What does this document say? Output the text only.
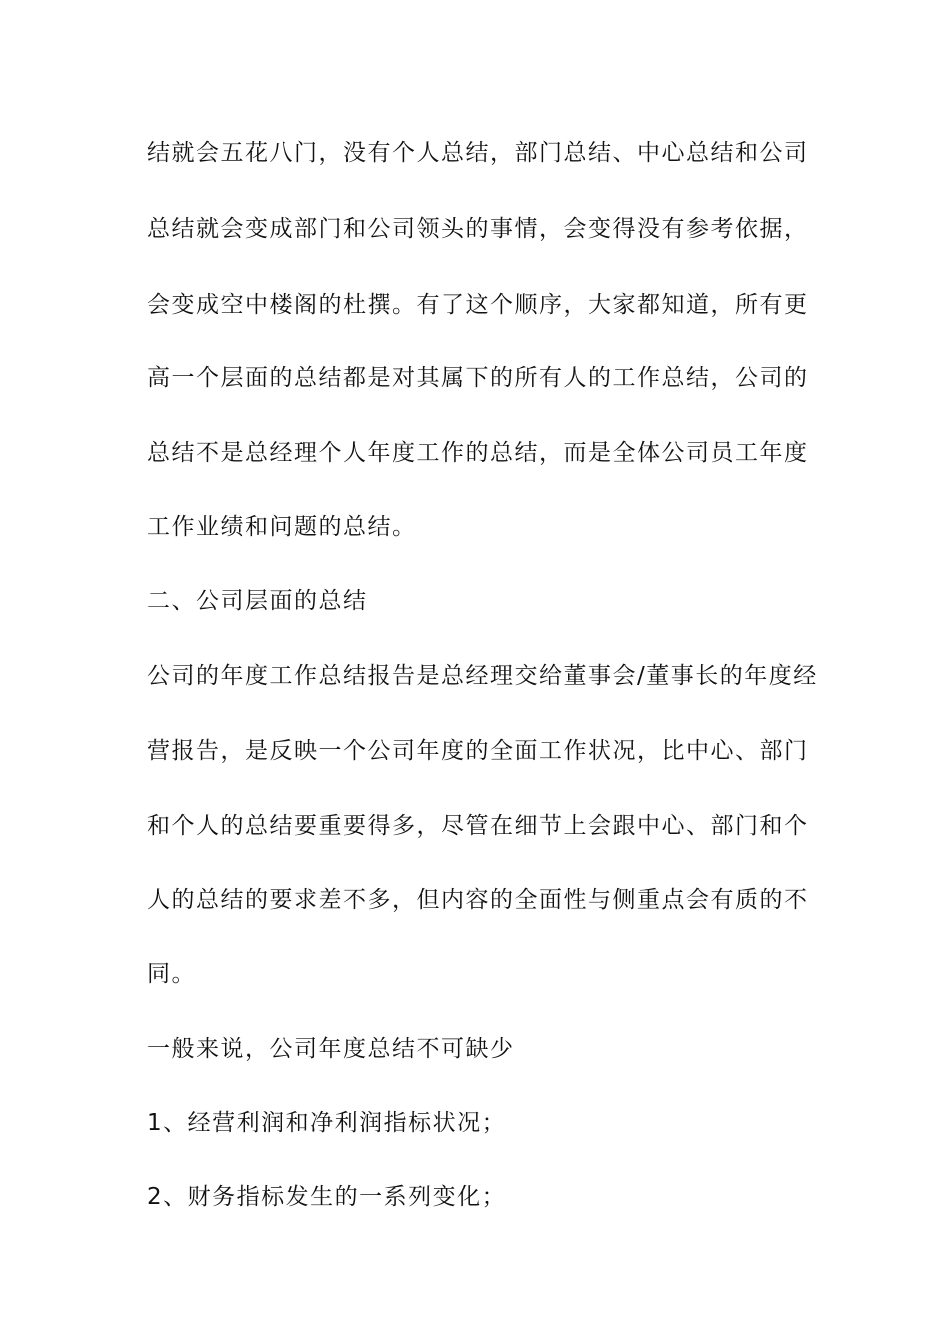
结就会五花八门，没有个人总结，部门总结、中心总结和公司
总结就会变成部门和公司领头的事情，会变得没有参考依据，
会变成空中楼阁的杜撰。有了这个顺序，大家都知道，所有更
高一个层面的总结都是对其属下的所有人的工作总结，公司的
总结不是总经理个人年度工作的总结，而是全体公司员工年度
工作业绩和问题的总结。
二、公司层面的总结
公司的年度工作总结报告是总经理交给董事会/董事长的年度经
营报告，是反映一个公司年度的全面工作状况，比中心、部门
和个人的总结要重要得多，尽管在细节上会跟中心、部门和个
人的总结的要求差不多，但内容的全面性与侧重点会有质的不
同。
一般来说，公司年度总结不可缺少
1、经营利润和净利润指标状况；
2、财务指标发生的一系列变化；
